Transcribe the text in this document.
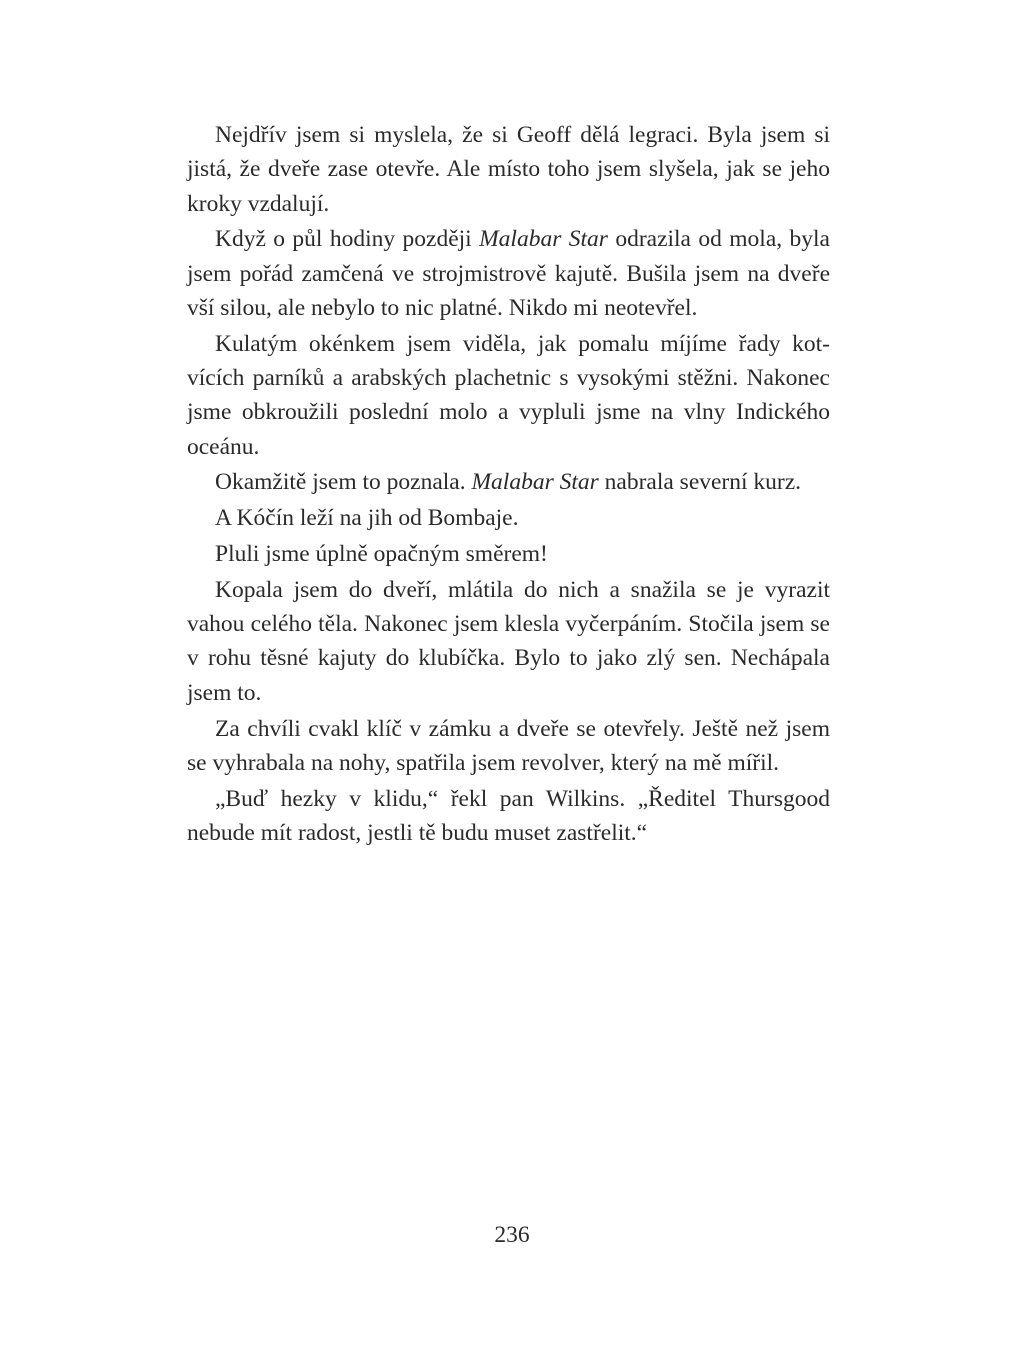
Nejdřív jsem si myslela, že si Geoff dělá legraci. Byla jsem si jistá, že dveře zase otevře. Ale místo toho jsem slyšela, jak se jeho kroky vzdalují.

Když o půl hodiny později Malabar Star odrazila od mola, byla jsem pořád zamčená ve strojmistrově kajutě. Bušila jsem na dveře vší silou, ale nebylo to nic platné. Nikdo mi neotevřel.

Kulatým okénkem jsem viděla, jak pomalu míjíme řady kotvících parníků a arabských plachetnic s vysokými stěžni. Nakonec jsme obkroužili poslední molo a vypluli jsme na vlny Indického oceánu.

Okamžitě jsem to poznala. Malabar Star nabrala severní kurz.

A Kóčín leží na jih od Bombaje.

Pluli jsme úplně opačným směrem!

Kopala jsem do dveří, mlátila do nich a snažila se je vyrazit vahou celého těla. Nakonec jsem klesla vyčerpáním. Stočila jsem se v rohu těsné kajuty do klubíčka. Bylo to jako zlý sen. Nechápala jsem to.

Za chvíli cvakl klíč v zámku a dveře se otevřely. Ještě než jsem se vyhrabala na nohy, spatřila jsem revolver, který na mě mířil.

„Buď hezky v klidu,“ řekl pan Wilkins. „Ředitel Thursgood nebude mít radost, jestli tě budu muset zastřelit.“

236
